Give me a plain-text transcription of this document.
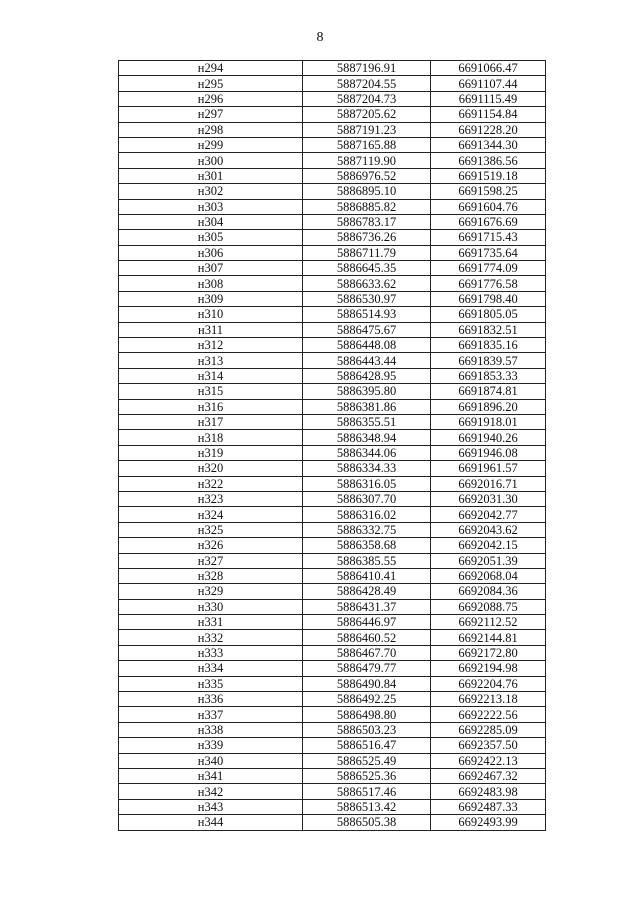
8
н294	5887196.91	6691066.47
н295	5887204.55	6691107.44
н296	5887204.73	6691115.49
н297	5887205.62	6691154.84
н298	5887191.23	6691228.20
н299	5887165.88	6691344.30
н300	5887119.90	6691386.56
н301	5886976.52	6691519.18
н302	5886895.10	6691598.25
н303	5886885.82	6691604.76
н304	5886783.17	6691676.69
н305	5886736.26	6691715.43
н306	5886711.79	6691735.64
н307	5886645.35	6691774.09
н308	5886633.62	6691776.58
н309	5886530.97	6691798.40
н310	5886514.93	6691805.05
н311	5886475.67	6691832.51
н312	5886448.08	6691835.16
н313	5886443.44	6691839.57
н314	5886428.95	6691853.33
н315	5886395.80	6691874.81
н316	5886381.86	6691896.20
н317	5886355.51	6691918.01
н318	5886348.94	6691940.26
н319	5886344.06	6691946.08
н320	5886334.33	6691961.57
н322	5886316.05	6692016.71
н323	5886307.70	6692031.30
н324	5886316.02	6692042.77
н325	5886332.75	6692043.62
н326	5886358.68	6692042.15
н327	5886385.55	6692051.39
н328	5886410.41	6692068.04
н329	5886428.49	6692084.36
н330	5886431.37	6692088.75
н331	5886446.97	6692112.52
н332	5886460.52	6692144.81
н333	5886467.70	6692172.80
н334	5886479.77	6692194.98
н335	5886490.84	6692204.76
н336	5886492.25	6692213.18
н337	5886498.80	6692222.56
н338	5886503.23	6692285.09
н339	5886516.47	6692357.50
н340	5886525.49	6692422.13
н341	5886525.36	6692467.32
н342	5886517.46	6692483.98
н343	5886513.42	6692487.33
н344	5886505.38	6692493.99
